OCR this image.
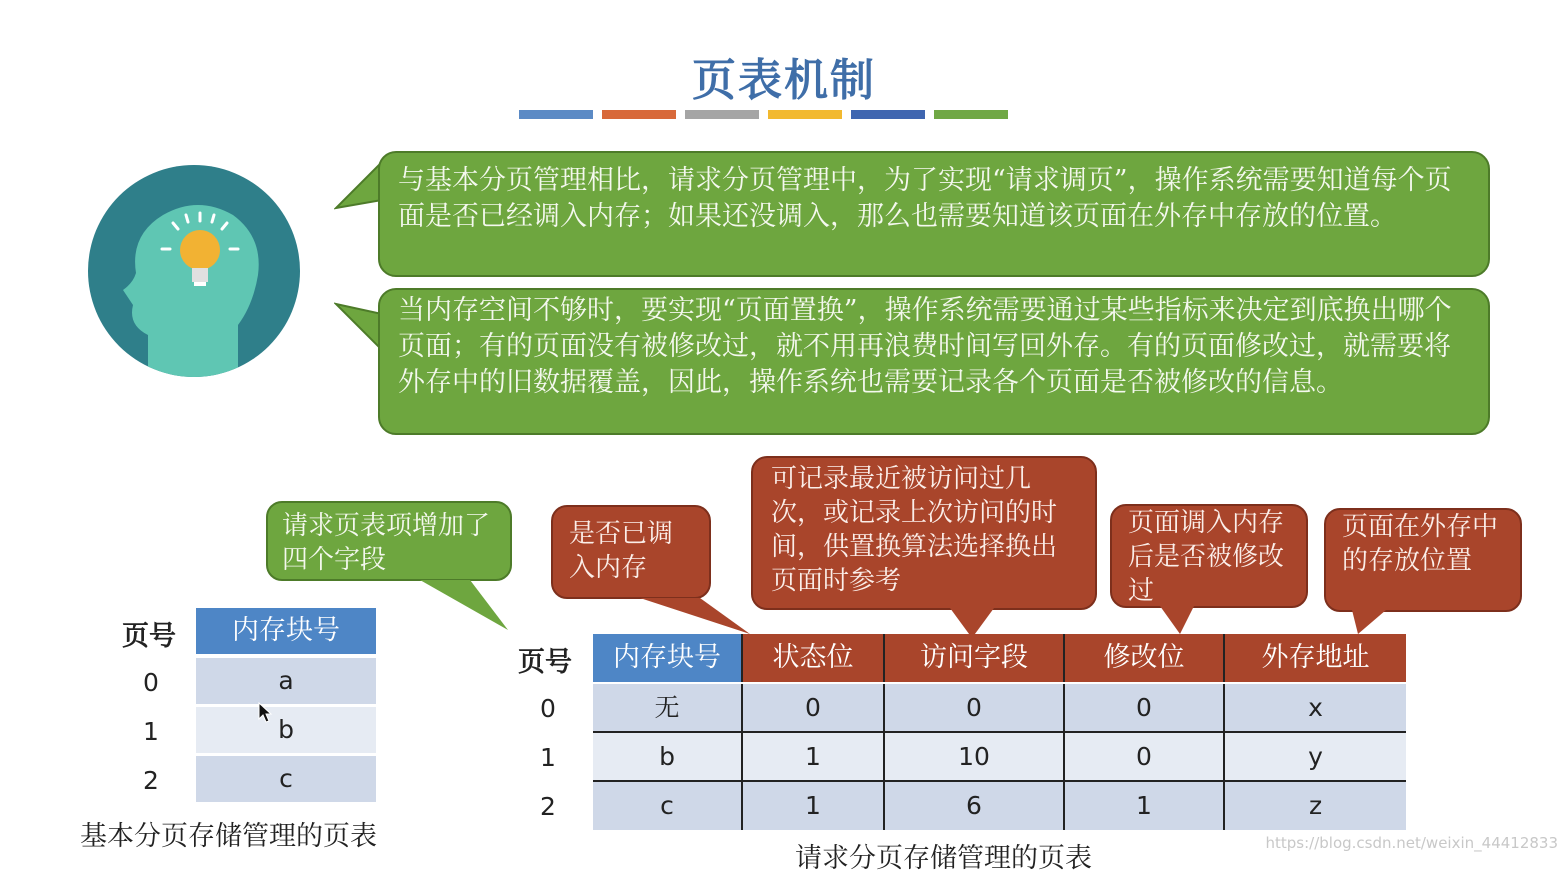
页表机制
与基本分页管理相比，请求分页管理中，为了实现“请求调页”，操作系统需要知道每个页面是否已经调入内存；如果还没调入，那么也需要知道该页面在外存中存放的位置。
当内存空间不够时，要实现“页面置换”，操作系统需要通过某些指标来决定到底换出哪个页面；有的页面没有被修改过，就不用再浪费时间写回外存。有的页面修改过，就需要将外存中的旧数据覆盖，因此，操作系统也需要记录各个页面是否被修改的信息。
请求页表项增加了四个字段
是否已调入内存
可记录最近被访问过几次，或记录上次访问的时间，供置换算法选择换出页面时参考
页面调入内存后是否被修改过
页面在外存中的存放位置
页号	内存块号
0	a
1	b
2	c
基本分页存储管理的页表
页号	内存块号	状态位	访问字段	修改位	外存地址
0	无	0	0	0	x
1	b	1	10	0	y
2	c	1	6	1	z
请求分页存储管理的页表	https://blog.csdn.net/weixin_44412833
